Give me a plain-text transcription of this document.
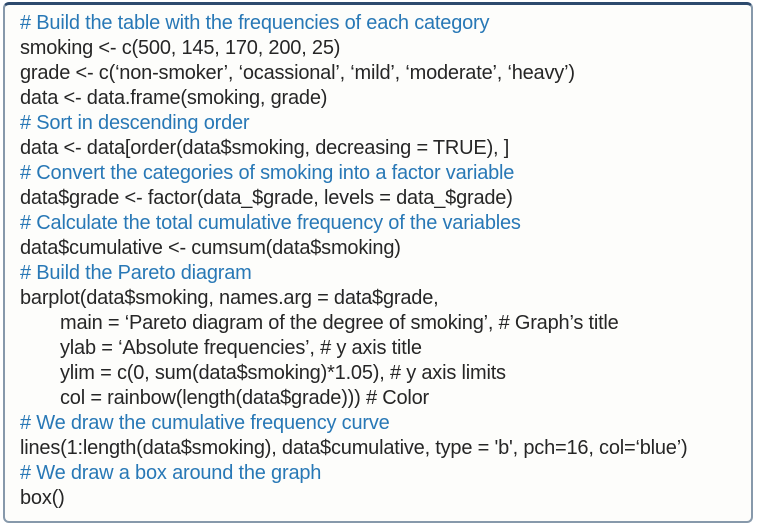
# Build the table with the frequencies of each category
smoking <- c(500, 145, 170, 200, 25)
grade <- c(‘non-smoker’, ‘ocassional’, ‘mild’, ‘moderate’, ‘heavy’)
data <- data.frame(smoking, grade)
# Sort in descending order
data <- data[order(data$smoking, decreasing = TRUE), ]
# Convert the categories of smoking into a factor variable
data$grade <- factor(data_$grade, levels = data_$grade)
# Calculate the total cumulative frequency of the variables
data$cumulative <- cumsum(data$smoking)
# Build the Pareto diagram
barplot(data$smoking, names.arg = data$grade,
main = ‘Pareto diagram of the degree of smoking’, # Graph’s title
ylab = ‘Absolute frequencies’, # y axis title
ylim = c(0, sum(data$smoking)*1.05), # y axis limits
col = rainbow(length(data$grade))) # Color
# We draw the cumulative frequency curve
lines(1:length(data$smoking), data$cumulative, type = 'b', pch=16, col=‘blue’)
# We draw a box around the graph
box()
